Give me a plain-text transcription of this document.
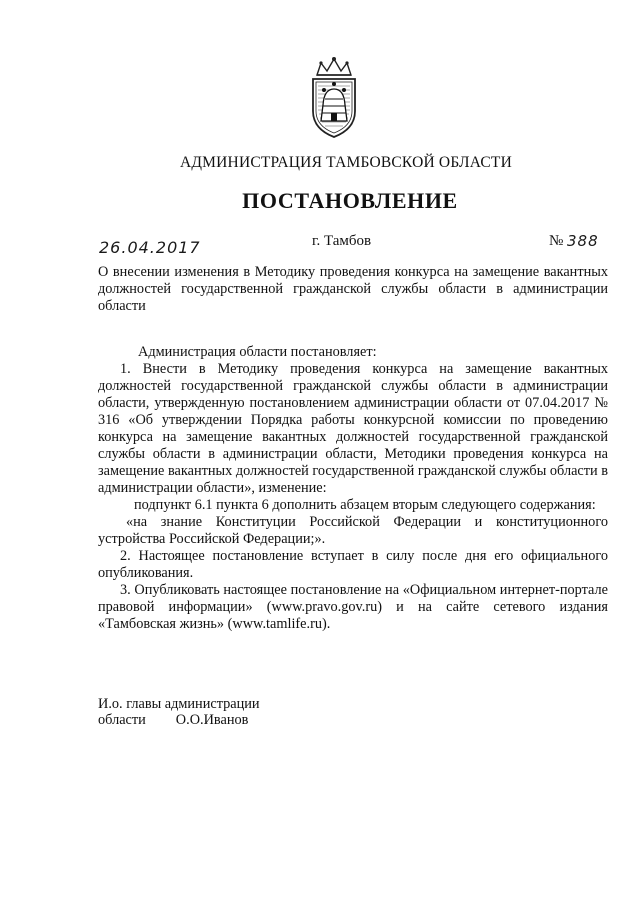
АДМИНИСТРАЦИЯ ТАМБОВСКОЙ ОБЛАСТИ
ПОСТАНОВЛЕНИЕ
26.04.2017	г. Тамбов	№ 388

О внесении изменения в Методику проведения конкурса на замещение вакантных должностей государственной гражданской службы области в администрации области

Администрация области постановляет:

1. Внести в Методику проведения конкурса на замещение вакантных должностей государственной гражданской службы области в администрации области, утвержденную постановлением администрации области от 07.04.2017 № 316 «Об утверждении Порядка работы конкурсной комиссии по проведению конкурса на замещение вакантных должностей государственной гражданской службы области в администрации области, Методики проведения конкурса на замещение вакантных должностей государственной гражданской службы области в администрации области», изменение:

подпункт 6.1 пункта 6 дополнить абзацем вторым следующего содержания:

«на знание Конституции Российской Федерации и конституционного устройства Российской Федерации;».

2. Настоящее постановление вступает в силу после дня его официального опубликования.

3. Опубликовать настоящее постановление на «Официальном интернет-портале правовой информации» (www.pravo.gov.ru) и на сайте сетевого издания «Тамбовская жизнь» (www.tamlife.ru).

И.о. главы администрации
области О.О.Иванов
